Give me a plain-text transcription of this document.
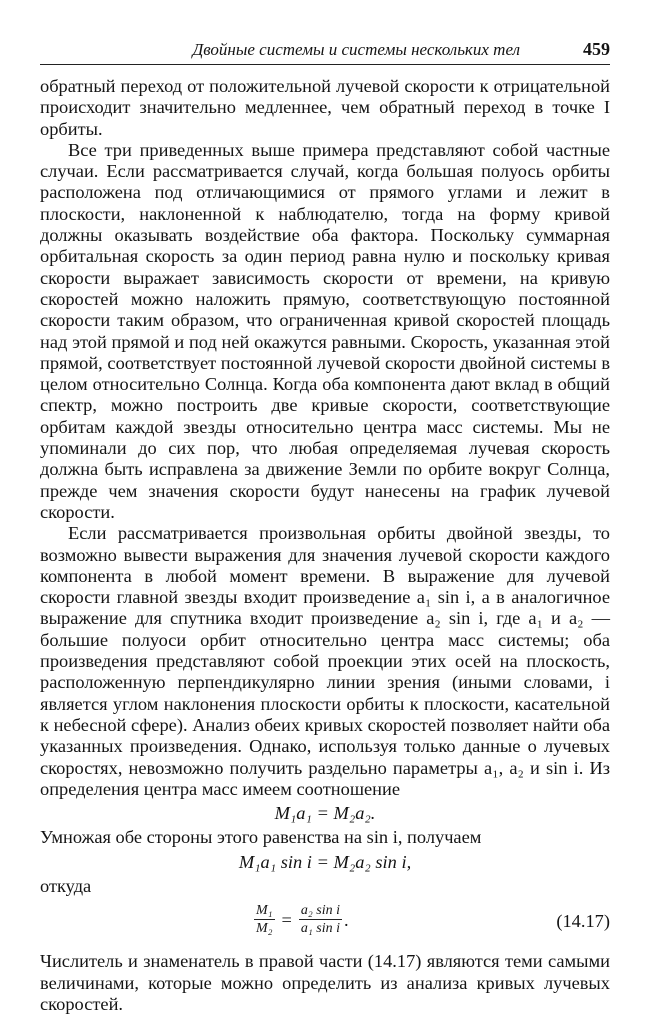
Двойные системы и системы нескольких тел	459

обратный переход от положительной лучевой скорости к отрицательной происходит значительно медленнее, чем обратный переход в точке I орбиты.

Все три приведенных выше примера представляют собой частные случаи. Если рассматривается случай, когда большая полуось орбиты расположена под отличающимися от прямого углами и лежит в плоскости, наклоненной к наблюдателю, тогда на форму кривой должны оказывать воздействие оба фактора. Поскольку суммарная орбитальная скорость за один период равна нулю и поскольку кривая скорости выражает зависимость скорости от времени, на кривую скоростей можно наложить прямую, соответствующую постоянной скорости таким образом, что ограниченная кривой скоростей площадь над этой прямой и под ней окажутся равными. Скорость, указанная этой прямой, соответствует постоянной лучевой скорости двойной системы в целом относительно Солнца. Когда оба компонента дают вклад в общий спектр, можно построить две кривые скорости, соответствующие орбитам каждой звезды относительно центра масс системы. Мы не упоминали до сих пор, что любая определяемая лучевая скорость должна быть исправлена за движение Земли по орбите вокруг Солнца, прежде чем значения скорости будут нанесены на график лучевой скорости.

Если рассматривается произвольная орбиты двойной звезды, то возможно вывести выражения для значения лучевой скорости каждого компонента в любой момент времени. В выражение для лучевой скорости главной звезды входит произведение a₁ sin i, а в аналогичное выражение для спутника входит произведение a₂ sin i, где a₁ и a₂ — большие полуоси орбит относительно центра масс системы; оба произведения представляют собой проекции этих осей на плоскость, расположенную перпендикулярно линии зрения (иными словами, i является углом наклонения плоскости орбиты к плоскости, касательной к небесной сфере). Анализ обеих кривых скоростей позволяет найти оба указанных произведения. Однако, используя только данные о лучевых скоростях, невозможно получить раздельно параметры a₁, a₂ и sin i. Из определения центра масс имеем соотношение

M₁a₁ = M₂a₂.

Умножая обе стороны этого равенства на sin i, получаем

M₁a₁ sin i = M₂a₂ sin i,

откуда

$\frac{\text{M₁}}{\text{M₂}} = \frac{\text{a₂ sin i}}{\text{a₁ sin i}}$ .	(14.17)

Числитель и знаменатель в правой части (14.17) являются теми самыми величинами, которые можно определить из анализа кривых лучевых скоростей.
